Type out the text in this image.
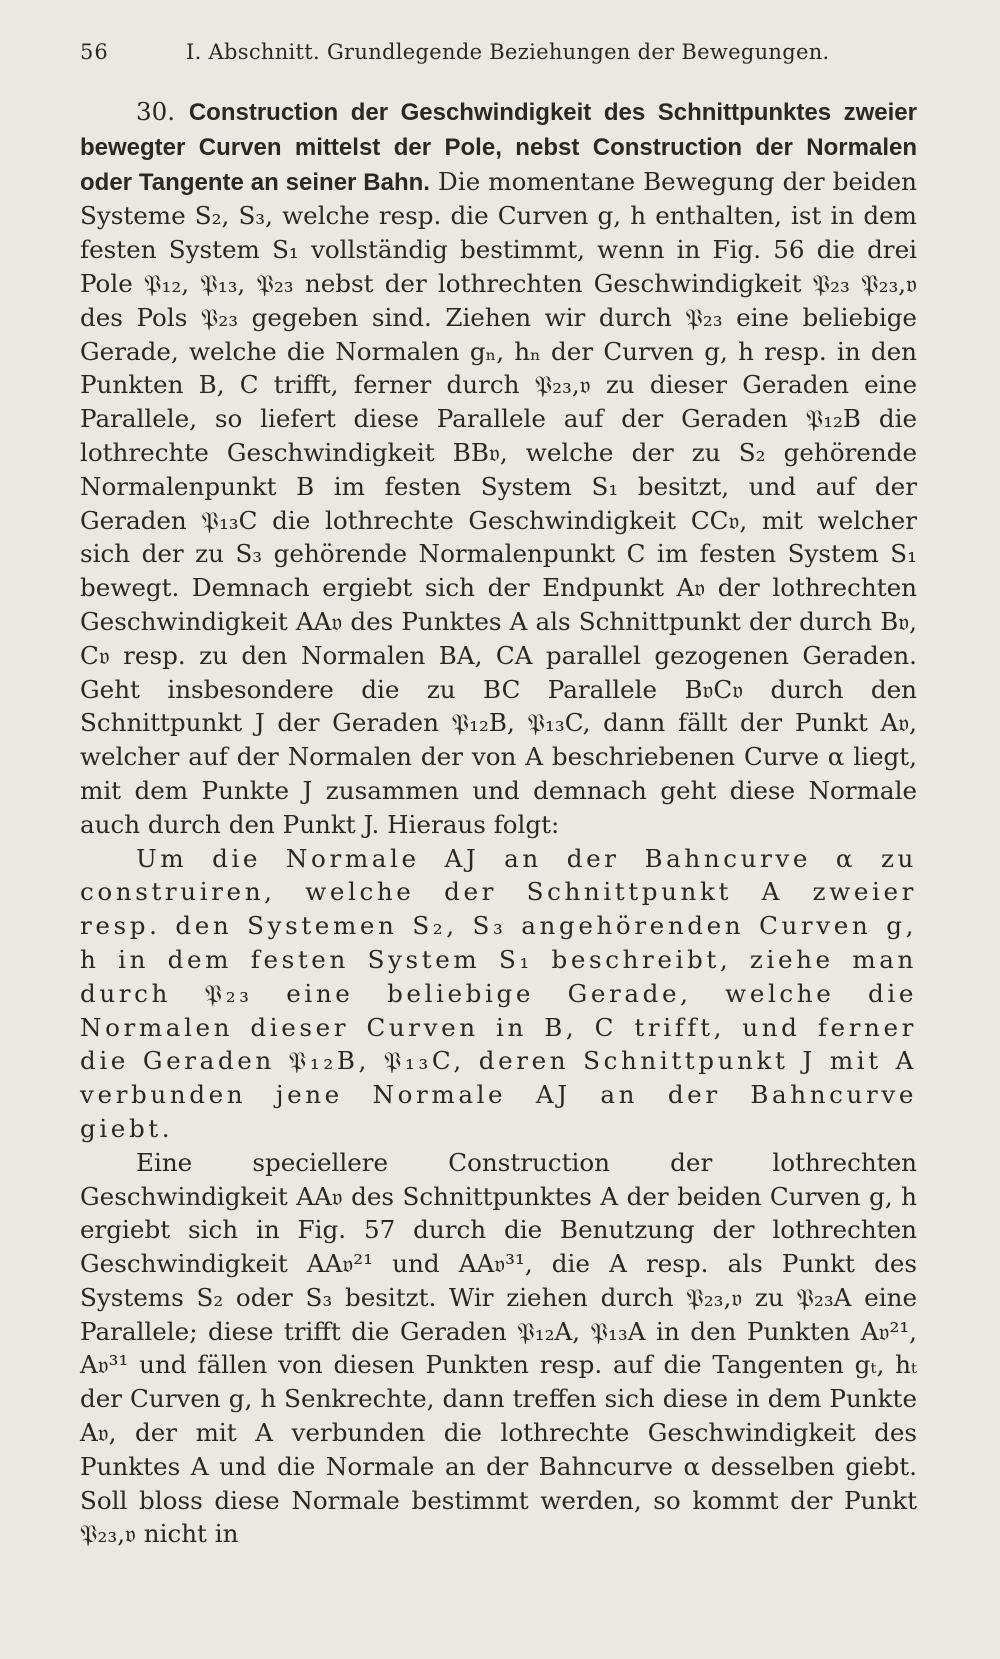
56	I. Abschnitt. Grundlegende Beziehungen der Bewegungen.

30. Construction der Geschwindigkeit des Schnittpunktes zweier bewegter Curven mittelst der Pole, nebst Construction der Normalen oder Tangente an seiner Bahn. Die momentane Bewegung der beiden Systeme S₂, S₃, welche resp. die Curven g, h enthalten, ist in dem festen System S₁ vollständig bestimmt, wenn in Fig. 56 die drei Pole 𝔓₁₂, 𝔓₁₃, 𝔓₂₃ nebst der lothrechten Geschwindigkeit 𝔓₂₃ 𝔓₂₃,𝔳 des Pols 𝔓₂₃ gegeben sind. Ziehen wir durch 𝔓₂₃ eine beliebige Gerade, welche die Normalen gₙ, hₙ der Curven g, h resp. in den Punkten B, C trifft, ferner durch 𝔓₂₃,𝔳 zu dieser Geraden eine Parallele, so liefert diese Parallele auf der Geraden 𝔓₁₂B die lothrechte Geschwindigkeit BB𝔳, welche der zu S₂ gehörende Normalenpunkt B im festen System S₁ besitzt, und auf der Geraden 𝔓₁₃C die lothrechte Geschwindigkeit CC𝔳, mit welcher sich der zu S₃ gehörende Normalenpunkt C im festen System S₁ bewegt. Demnach ergiebt sich der Endpunkt A𝔳 der lothrechten Geschwindigkeit AA𝔳 des Punktes A als Schnittpunkt der durch B𝔳, C𝔳 resp. zu den Normalen BA, CA parallel gezogenen Geraden. Geht insbesondere die zu BC Parallele B𝔳C𝔳 durch den Schnittpunkt J der Geraden 𝔓₁₂B, 𝔓₁₃C, dann fällt der Punkt A𝔳, welcher auf der Normalen der von A beschriebenen Curve α liegt, mit dem Punkte J zusammen und demnach geht diese Normale auch durch den Punkt J. Hieraus folgt:

Um die Normale AJ an der Bahncurve α zu construiren, welche der Schnittpunkt A zweier resp. den Systemen S₂, S₃ angehörenden Curven g, h in dem festen System S₁ beschreibt, ziehe man durch 𝔓₂₃ eine beliebige Gerade, welche die Normalen dieser Curven in B, C trifft, und ferner die Geraden 𝔓₁₂B, 𝔓₁₃C, deren Schnittpunkt J mit A verbunden jene Normale AJ an der Bahncurve giebt.

Eine speciellere Construction der lothrechten Geschwindigkeit AA𝔳 des Schnittpunktes A der beiden Curven g, h ergiebt sich in Fig. 57 durch die Benutzung der lothrechten Geschwindigkeit AA𝔳²¹ und AA𝔳³¹, die A resp. als Punkt des Systems S₂ oder S₃ besitzt. Wir ziehen durch 𝔓₂₃,𝔳 zu 𝔓₂₃A eine Parallele; diese trifft die Geraden 𝔓₁₂A, 𝔓₁₃A in den Punkten A𝔳²¹, A𝔳³¹ und fällen von diesen Punkten resp. auf die Tangenten gₜ, hₜ der Curven g, h Senkrechte, dann treffen sich diese in dem Punkte A𝔳, der mit A verbunden die lothrechte Geschwindigkeit des Punktes A und die Normale an der Bahncurve α desselben giebt. Soll bloss diese Normale bestimmt werden, so kommt der Punkt 𝔓₂₃,𝔳 nicht in
